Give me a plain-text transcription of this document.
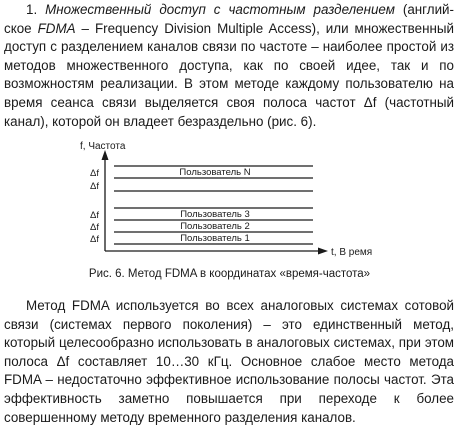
1. Множественный доступ с частотным разделением (англий-ское FDMA – Frequency Division Multiple Access), или множественный доступ с разделением каналов связи по частоте – наиболее простой из методов множественного доступа, как по своей идее, так и по возможностям реализации. В этом методе каждому пользователю на время сеанса связи выделяется своя полоса частот Δf (частотный канал), которой он владеет безраздельно (рис. 6).

f, Частота
t, В ремя
Δf
Δf
Δf
Δf
Δf
Пользователь N
Пользователь 3
Пользователь 2
Пользователь 1
Рис. 6. Метод FDMA в координатах «время-частота»

Метод FDMA используется во всех аналоговых системах сотовой связи (системах первого поколения) – это единственный метод, который целесообразно использовать в аналоговых системах, при этом полоса Δf составляет 10…30 кГц. Основное слабое место метода FDMA – недостаточно эффективное использование полосы частот. Эта эффективность заметно повышается при переходе к более совершенному методу временного разделения каналов.
